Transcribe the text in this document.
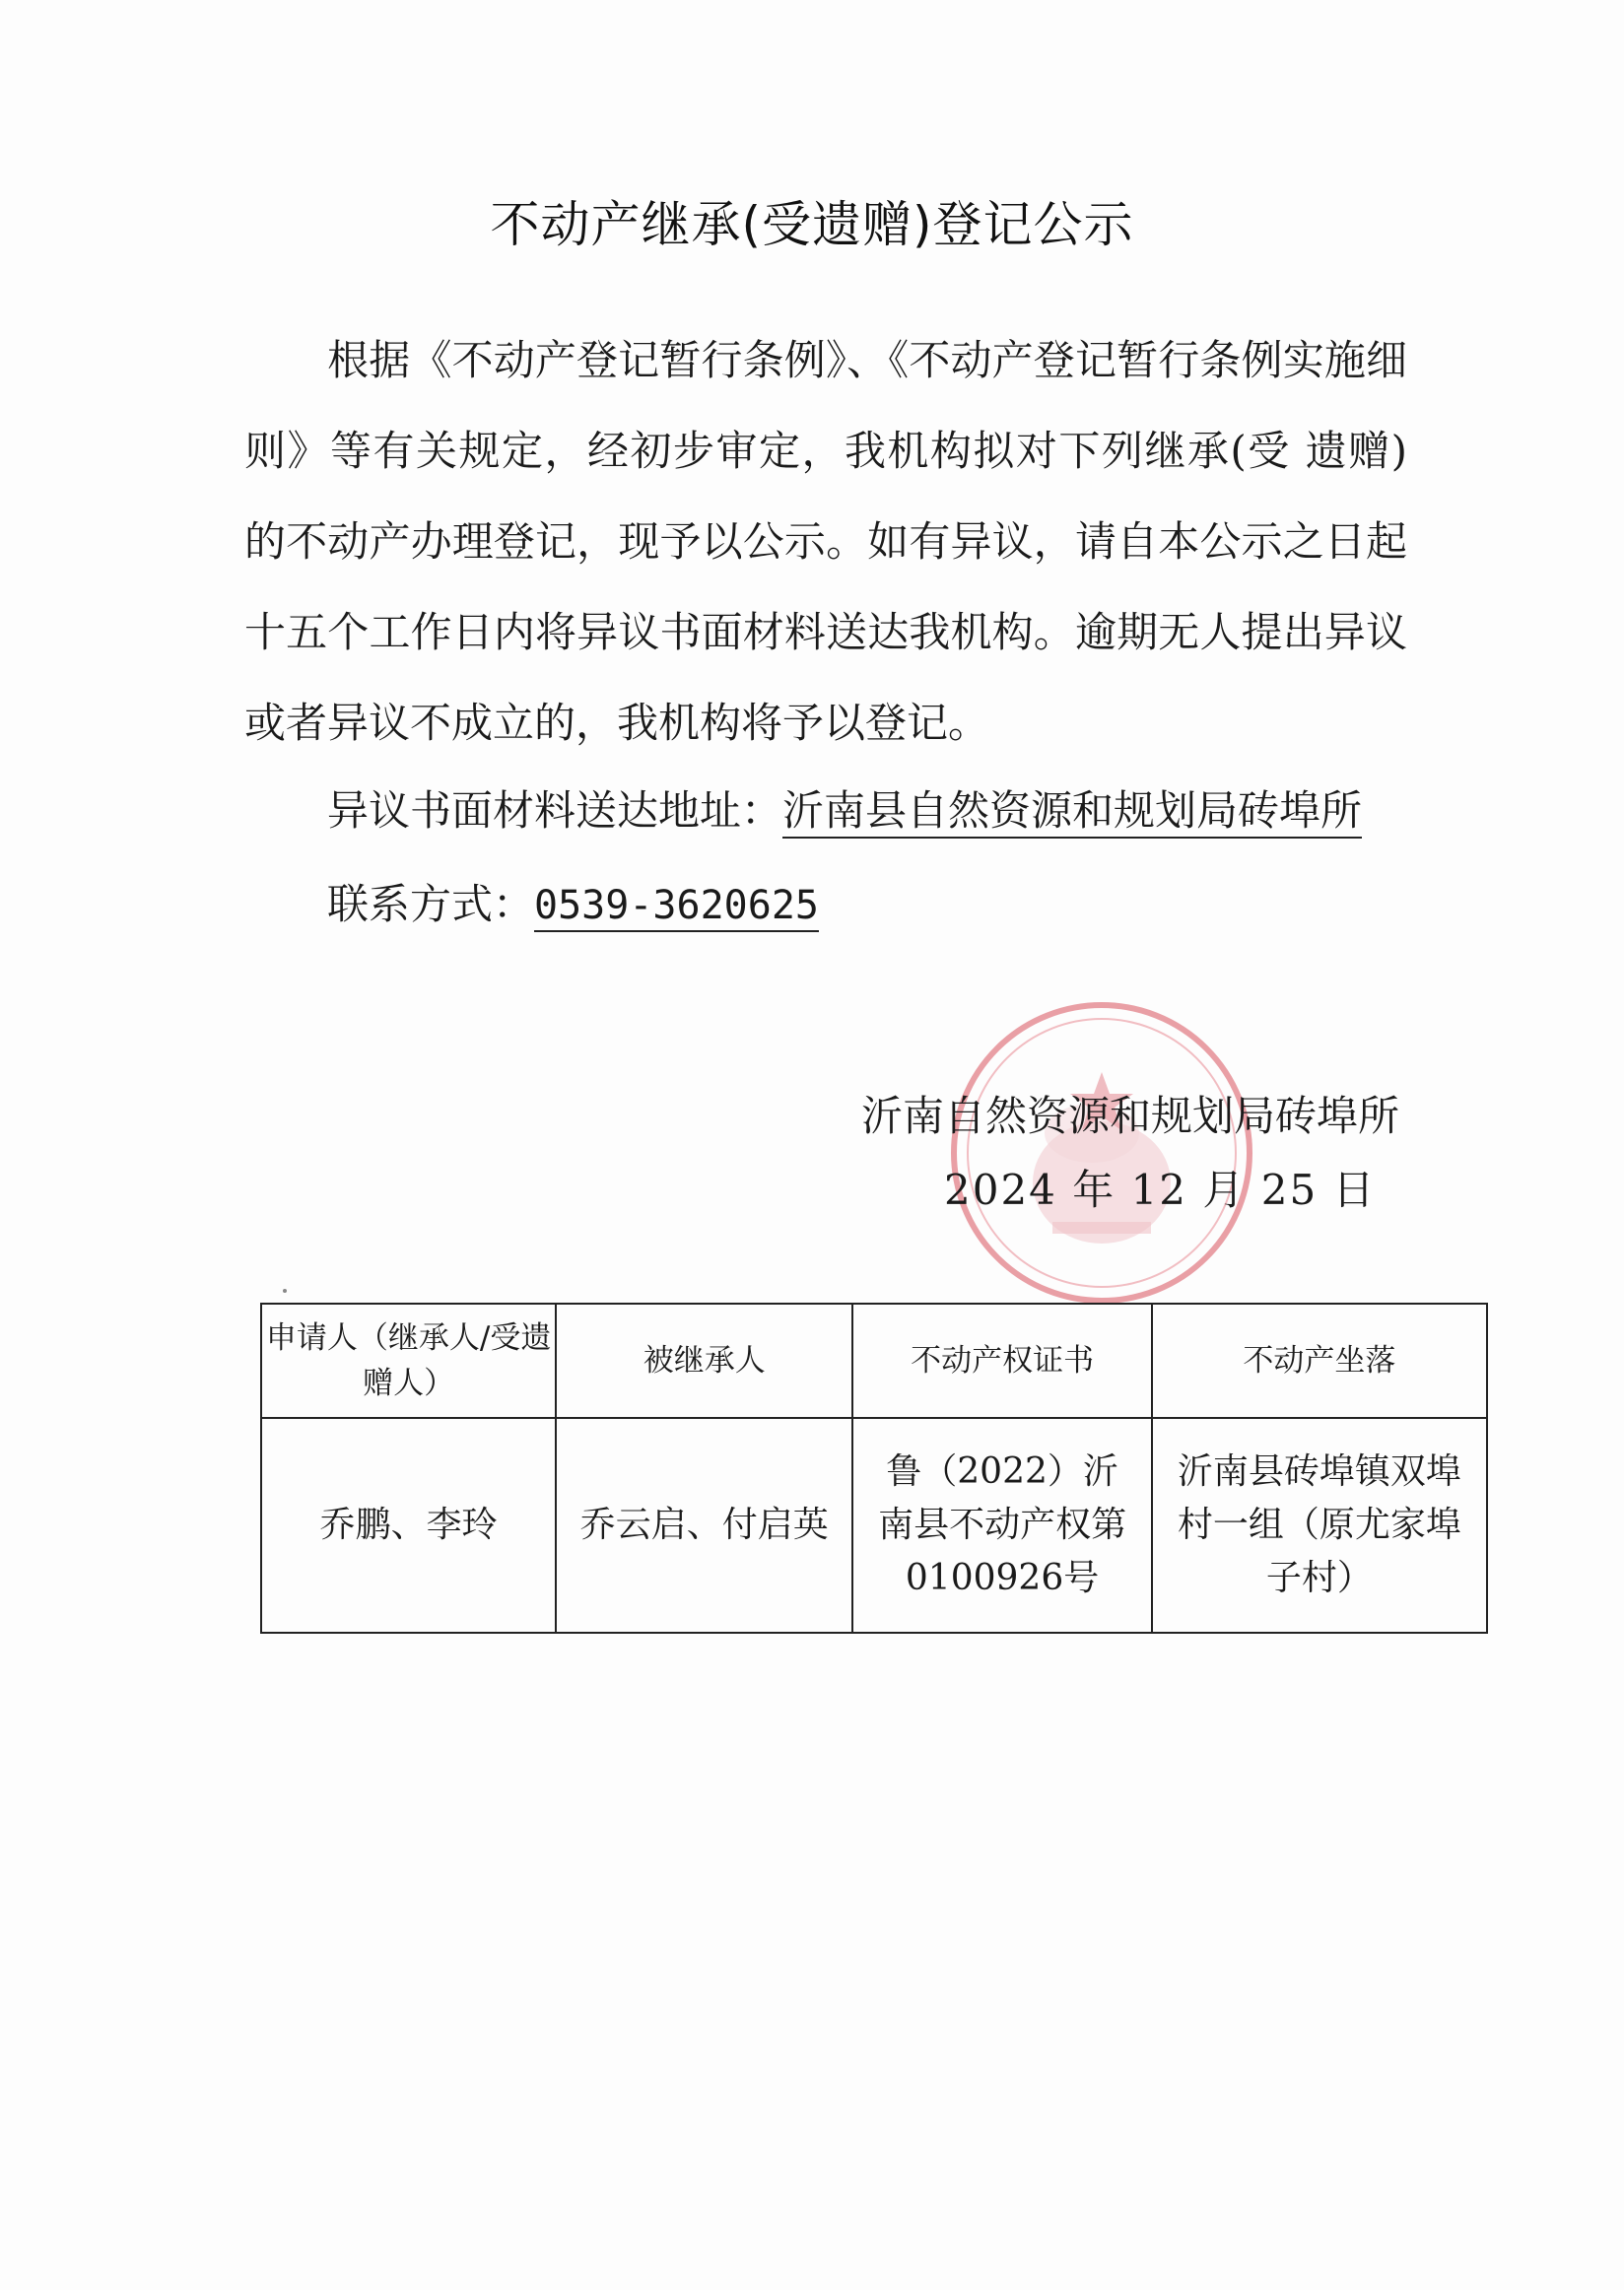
不动产继承(受遗赠)登记公示
根据《不动产登记暂行条例》、《不动产登记暂行条例实施细则》等有关规定，经初步审定，我机构拟对下列继承(受 遗赠)的不动产办理登记，现予以公示。如有异议，请自本公示之日起十五个工作日内将异议书面材料送达我机构。逾期无人提出异议或者异议不成立的，我机构将予以登记。
异议书面材料送达地址：沂南县自然资源和规划局砖埠所
联系方式：0539-3620625
沂南自然资源和规划局砖埠所
2024 年 12 月 25 日
申请人（继承人/受遗赠人）	被继承人	不动产权证书	不动产坐落
乔鹏、李玲	乔云启、付启英	鲁（2022）沂南县不动产权第0100926号	沂南县砖埠镇双埠村一组（原尤家埠子村）
